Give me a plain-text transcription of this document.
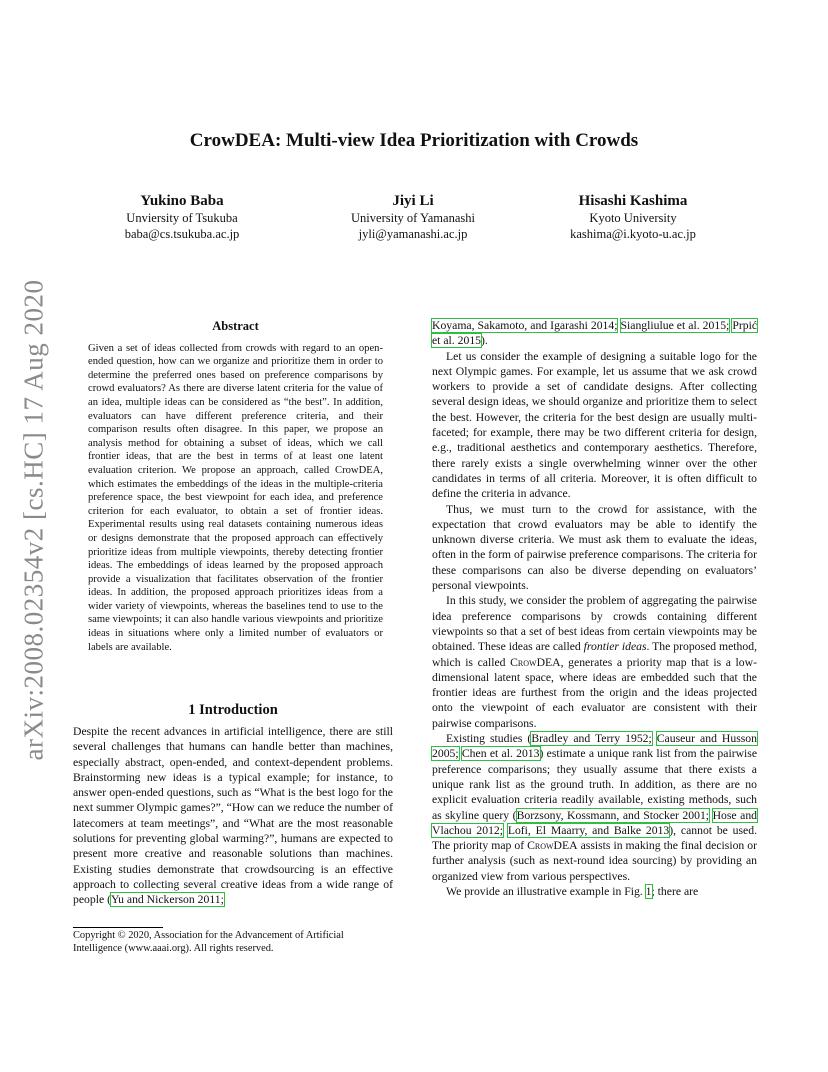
arXiv:2008.02354v2 [cs.HC] 17 Aug 2020
CrowDEA: Multi-view Idea Prioritization with Crowds
Yukino Baba
Unviersity of Tsukuba
baba@cs.tsukuba.ac.jp
Jiyi Li
University of Yamanashi
jyli@yamanashi.ac.jp
Hisashi Kashima
Kyoto University
kashima@i.kyoto-u.ac.jp
Abstract

Given a set of ideas collected from crowds with regard to an open-ended question, how can we organize and prioritize them in order to determine the preferred ones based on preference comparisons by crowd evaluators? As there are diverse latent criteria for the value of an idea, multiple ideas can be considered as “the best”. In addition, evaluators can have different preference criteria, and their comparison results often disagree. In this paper, we propose an analysis method for obtaining a subset of ideas, which we call frontier ideas, that are the best in terms of at least one latent evaluation criterion. We propose an approach, called CrowDEA, which estimates the embeddings of the ideas in the multiple-criteria preference space, the best viewpoint for each idea, and preference criterion for each evaluator, to obtain a set of frontier ideas. Experimental results using real datasets containing numerous ideas or designs demonstrate that the proposed approach can effectively prioritize ideas from multiple viewpoints, thereby detecting frontier ideas. The embeddings of ideas learned by the proposed approach provide a visualization that facilitates observation of the frontier ideas. In addition, the proposed approach prioritizes ideas from a wider variety of viewpoints, whereas the baselines tend to use to the same viewpoints; it can also handle various viewpoints and prioritize ideas in situations where only a limited number of evaluators or labels are available.

1 Introduction

Despite the recent advances in artificial intelligence, there are still several challenges that humans can handle better than machines, especially abstract, open-ended, and context-dependent problems. Brainstorming new ideas is a typical example; for instance, to answer open-ended questions, such as “What is the best logo for the next summer Olympic games?”, “How can we reduce the number of latecomers at team meetings”, and “What are the most reasonable solutions for preventing global warming?”, humans are expected to present more creative and reasonable solutions than machines. Existing studies demonstrate that crowdsourcing is an effective approach to collecting several creative ideas from a wide range of people (Yu and Nickerson 2011;

Copyright © 2020, Association for the Advancement of Artificial Intelligence (www.aaai.org). All rights reserved.

Koyama, Sakamoto, and Igarashi 2014; Siangliulue et al. 2015; Prpić et al. 2015).

Let us consider the example of designing a suitable logo for the next Olympic games. For example, let us assume that we ask crowd workers to provide a set of candidate designs. After collecting several design ideas, we should organize and prioritize them to select the best. However, the criteria for the best design are usually multi-faceted; for example, there may be two different criteria for design, e.g., traditional aesthetics and contemporary aesthetics. Therefore, there rarely exists a single overwhelming winner over the other candidates in terms of all criteria. Moreover, it is often difficult to define the criteria in advance.

Thus, we must turn to the crowd for assistance, with the expectation that crowd evaluators may be able to identify the unknown diverse criteria. We must ask them to evaluate the ideas, often in the form of pairwise preference comparisons. The criteria for these comparisons can also be diverse depending on evaluators’ personal viewpoints.

In this study, we consider the problem of aggregating the pairwise idea preference comparisons by crowds containing different viewpoints so that a set of best ideas from certain viewpoints may be obtained. These ideas are called frontier ideas. The proposed method, which is called CrowDEA, generates a priority map that is a low-dimensional latent space, where ideas are embedded such that the frontier ideas are furthest from the origin and the ideas projected onto the viewpoint of each evaluator are consistent with their pairwise comparisons.

Existing studies (Bradley and Terry 1952; Causeur and Husson 2005; Chen et al. 2013) estimate a unique rank list from the pairwise preference comparisons; they usually assume that there exists a unique rank list as the ground truth. In addition, as there are no explicit evaluation criteria readily available, existing methods, such as skyline query (Borzsony, Kossmann, and Stocker 2001; Hose and Vlachou 2012; Lofi, El Maarry, and Balke 2013), cannot be used. The priority map of CrowDEA assists in making the final decision or further analysis (such as next-round idea sourcing) by providing an organized view from various perspectives.

We provide an illustrative example in Fig. 1; there are
